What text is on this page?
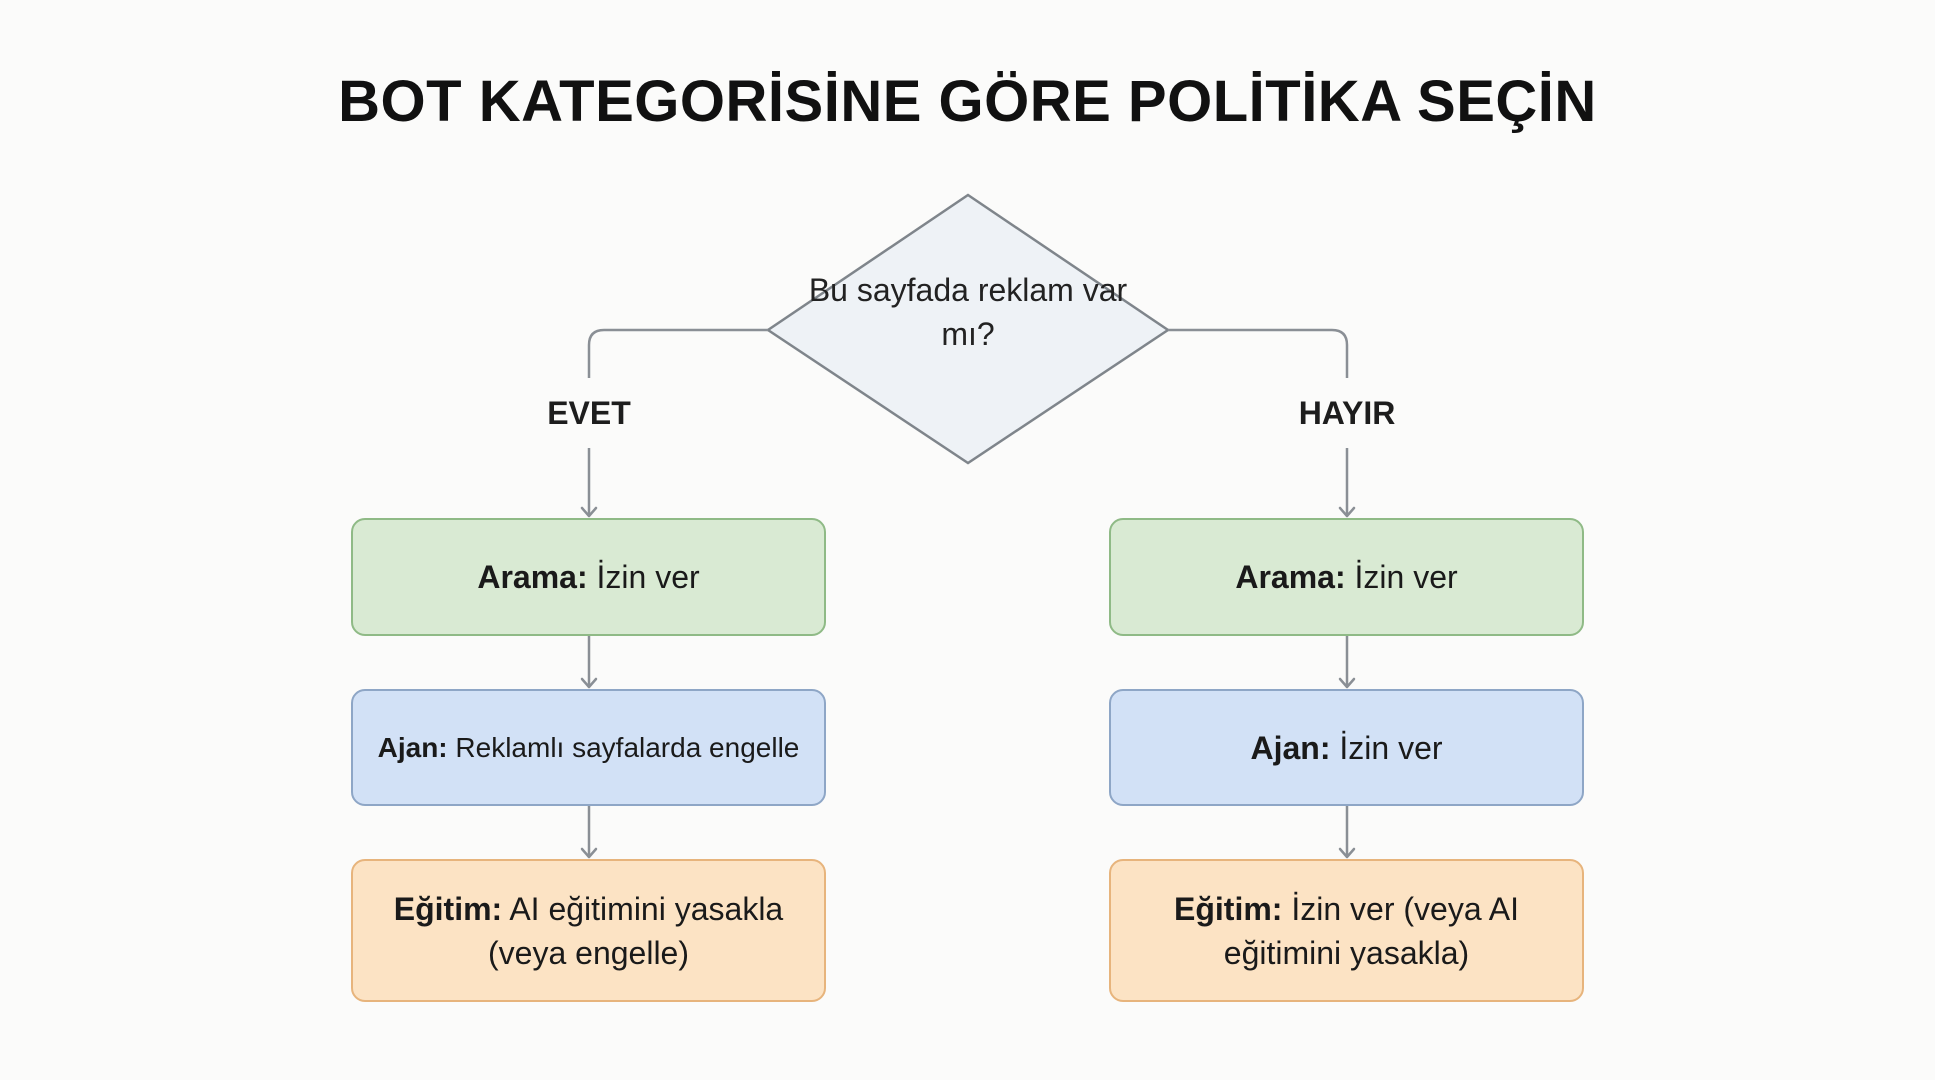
BOT KATEGORİSİNE GÖRE POLİTİKA SEÇİN
Bu sayfada reklam var mı?
EVET	HAYIR
Arama: İzin ver
Ajan: Reklamlı sayfalarda engelle
Eğitim: AI eğitimini yasakla (veya engelle)
Arama: İzin ver
Ajan: İzin ver
Eğitim: İzin ver (veya AI eğitimini yasakla)
